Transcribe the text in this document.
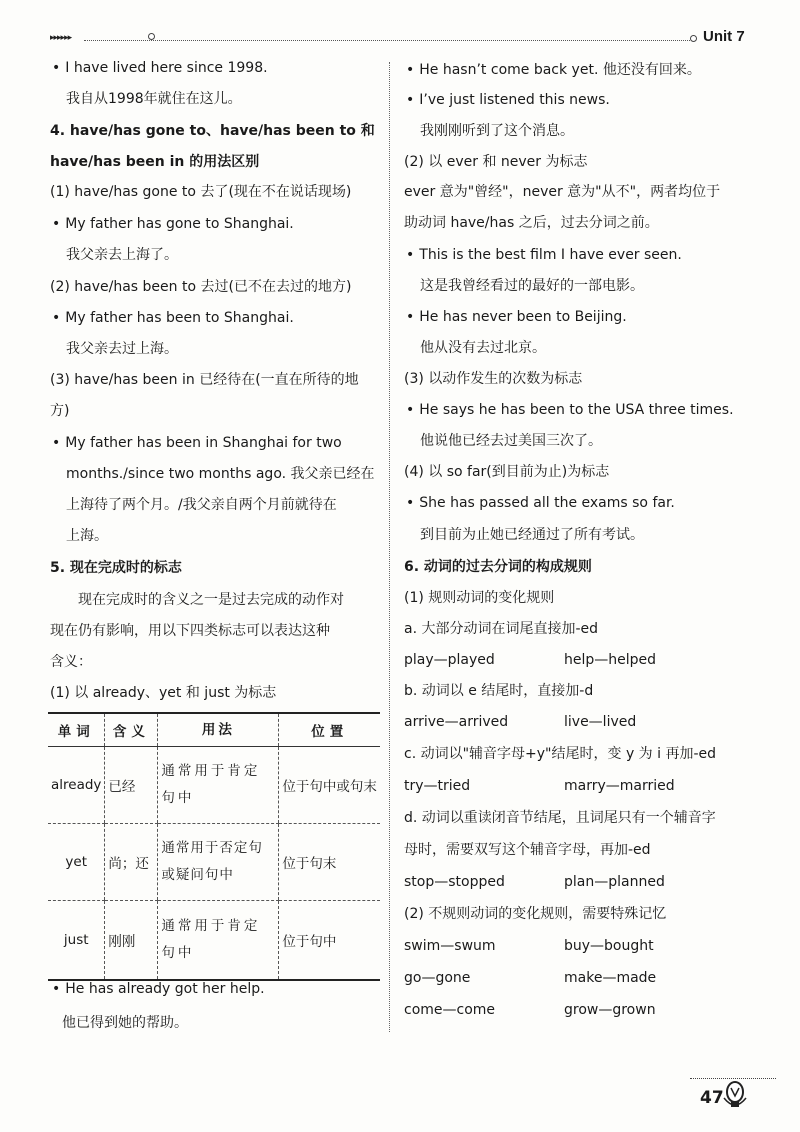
▸▸▸▸▸▸	Unit 7
• I have lived here since 1998.
我自从1998年就住在这儿。
4. have/has gone to、have/has been to 和
have/has been in 的用法区别
(1) have/has gone to 去了(现在不在说话现场)
• My father has gone to Shanghai.
我父亲去上海了。
(2) have/has been to 去过(已不在去过的地方)
• My father has been to Shanghai.
我父亲去过上海。
(3) have/has been in 已经待在(一直在所待的地
方)
• My father has been in Shanghai for two
months./since two months ago. 我父亲已经在
上海待了两个月。/我父亲自两个月前就待在
上海。
5. 现在完成时的标志
现在完成时的含义之一是过去完成的动作对
现在仍有影响，用以下四类标志可以表达这种
含义：
(1) 以 already、yet 和 just 为标志
单词	含义	用法	位置
already	已经	通常用于肯定句中	位于句中或句末
yet	尚；还	通常用于否定句或疑问句中	位于句末
just	刚刚	通常用于肯定句中	位于句中
• He has already got her help.
他已得到她的帮助。
• He hasn’t come back yet. 他还没有回来。
• I’ve just listened this news.
我刚刚听到了这个消息。
(2) 以 ever 和 never 为标志
ever 意为"曾经"，never 意为"从不"，两者均位于
助动词 have/has 之后，过去分词之前。
• This is the best film I have ever seen.
这是我曾经看过的最好的一部电影。
• He has never been to Beijing.
他从没有去过北京。
(3) 以动作发生的次数为标志
• He says he has been to the USA three times.
他说他已经去过美国三次了。
(4) 以 so far(到目前为止)为标志
• She has passed all the exams so far.
到目前为止她已经通过了所有考试。
6. 动词的过去分词的构成规则
(1) 规则动词的变化规则
a. 大部分动词在词尾直接加-ed
play—played	help—helped
b. 动词以 e 结尾时，直接加-d
arrive—arrived	live—lived
c. 动词以"辅音字母+y"结尾时，变 y 为 i 再加-ed
try—tried	marry—married
d. 动词以重读闭音节结尾，且词尾只有一个辅音字
母时，需要双写这个辅音字母，再加-ed
stop—stopped	plan—planned
(2) 不规则动词的变化规则，需要特殊记忆
swim—swum	buy—bought
go—gone	make—made
come—come	grow—grown
47
